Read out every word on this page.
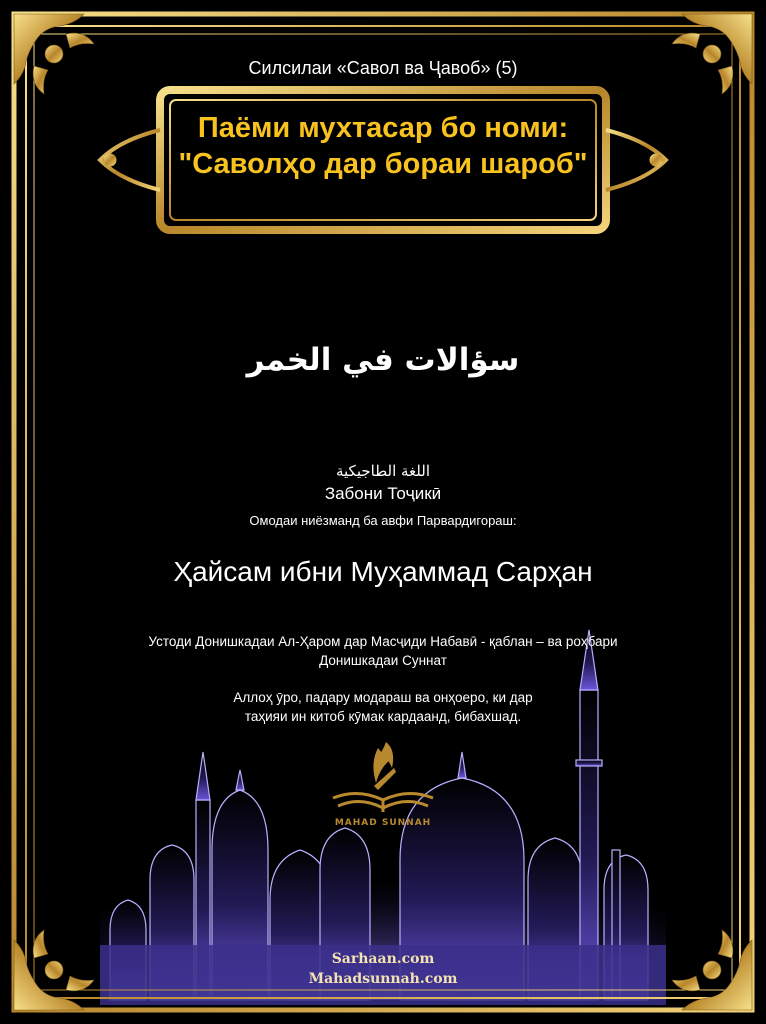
Силсилаи «Савол ва Ҷавоб» (5)
Паёми мухтасар бо номи: "Саволҳо дар бораи шароб"
سؤالات في الخمر
اللغة الطاجيكية
Забони Тоҷикӣ
Омодаи ниёзманд ба авфи Парвардигораш:
Ҳайсам ибни Муҳаммад Сарҳан
Устоди Донишкадаи Ал-Ҳаром дар Масҷиди Набавӣ - қаблан – ва роҳбари Донишкадаи Суннат
Аллоҳ ӯро, падару модараш ва онҳоеро, ки дар таҳияи ин китоб кӯмак кардаанд, бибахшад.
MAHAD SUNNAH
Sarhaan.com
Mahadsunnah.com
